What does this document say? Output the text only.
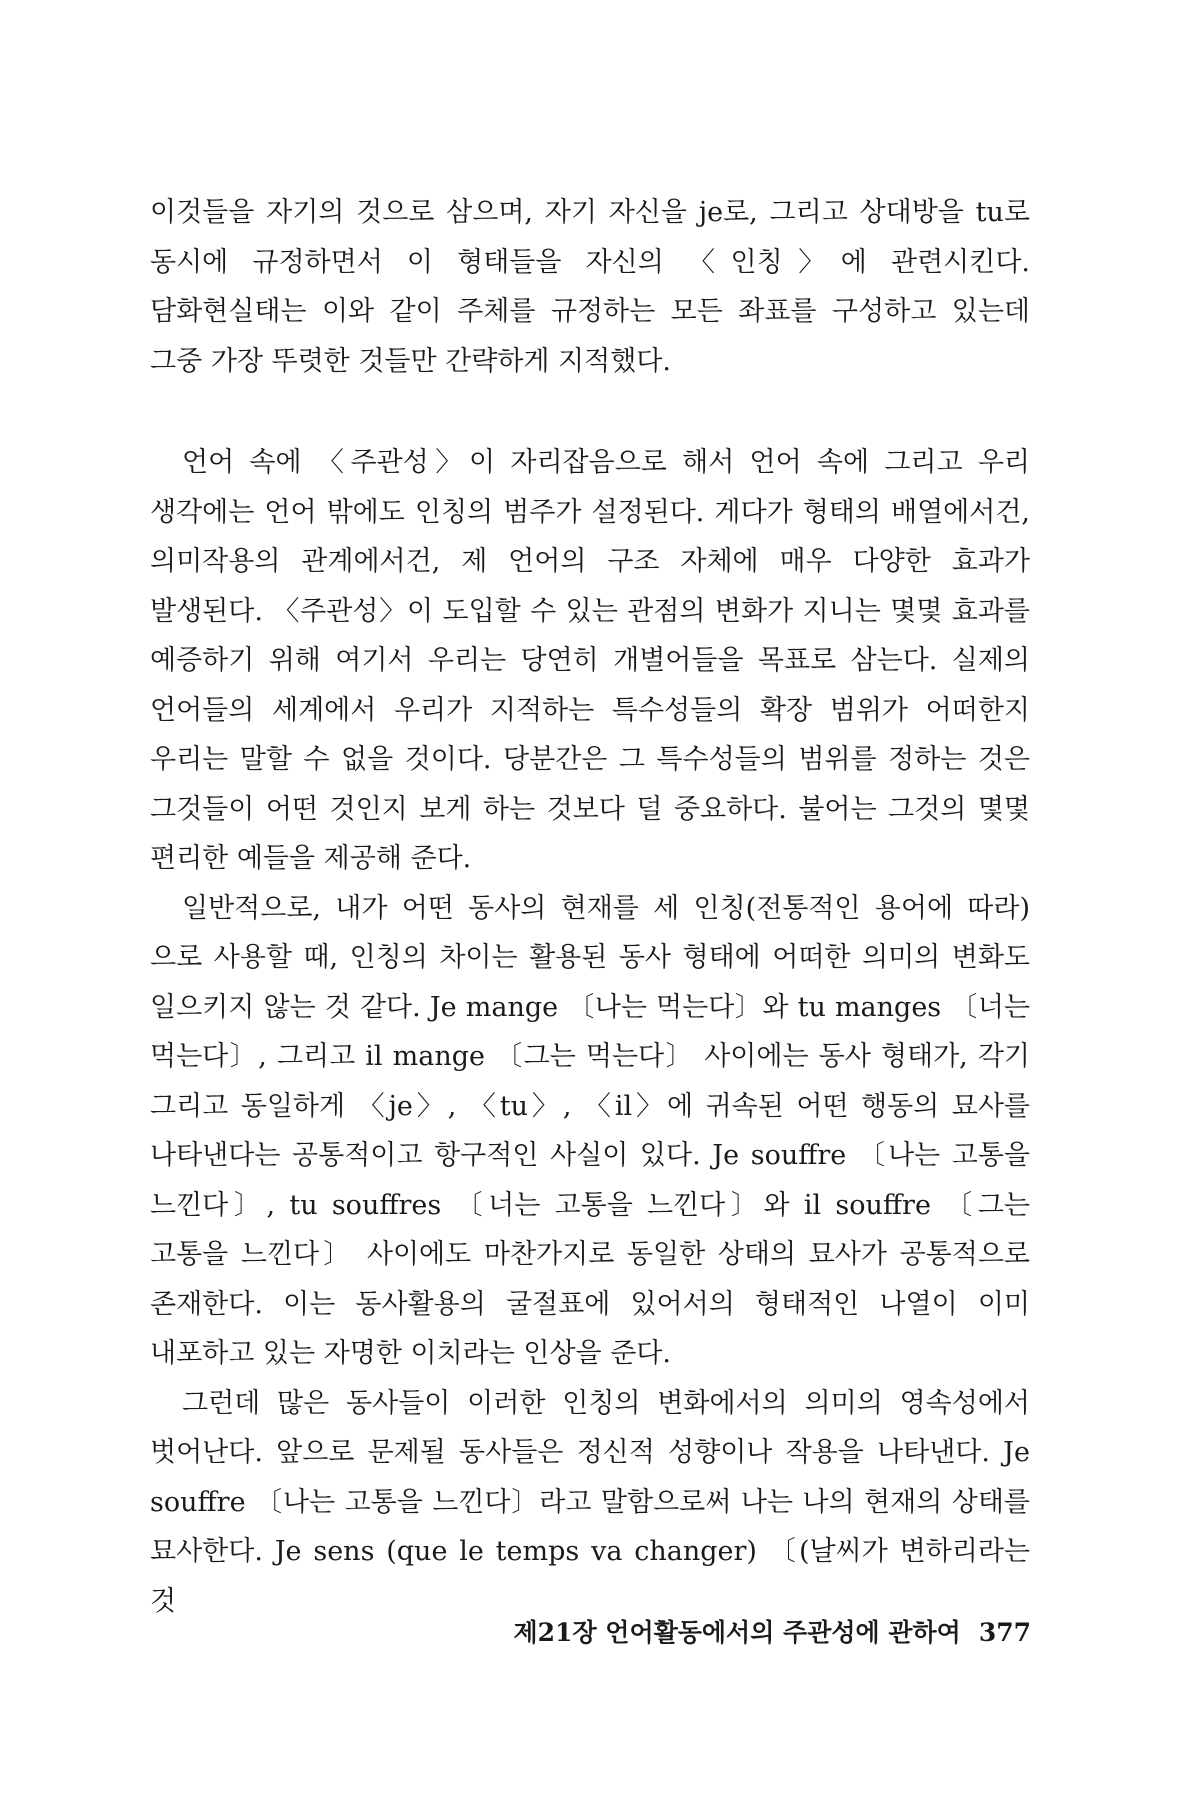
이것들을 자기의 것으로 삼으며, 자기 자신을 je로, 그리고 상대방을 tu로 동시에 규정하면서 이 형태들을 자신의 〈인칭〉에 관련시킨다. 담화현실태는 이와 같이 주체를 규정하는 모든 좌표를 구성하고 있는데 그중 가장 뚜렷한 것들만 간략하게 지적했다.

언어 속에 〈주관성〉이 자리잡음으로 해서 언어 속에 그리고 우리 생각에는 언어 밖에도 인칭의 범주가 설정된다. 게다가 형태의 배열에서건, 의미작용의 관계에서건, 제 언어의 구조 자체에 매우 다양한 효과가 발생된다. 〈주관성〉이 도입할 수 있는 관점의 변화가 지니는 몇몇 효과를 예증하기 위해 여기서 우리는 당연히 개별어들을 목표로 삼는다. 실제의 언어들의 세계에서 우리가 지적하는 특수성들의 확장 범위가 어떠한지 우리는 말할 수 없을 것이다. 당분간은 그 특수성들의 범위를 정하는 것은 그것들이 어떤 것인지 보게 하는 것보다 덜 중요하다. 불어는 그것의 몇몇 편리한 예들을 제공해 준다.

일반적으로, 내가 어떤 동사의 현재를 세 인칭(전통적인 용어에 따라)으로 사용할 때, 인칭의 차이는 활용된 동사 형태에 어떠한 의미의 변화도 일으키지 않는 것 같다. Je mange 〔나는 먹는다〕와 tu manges 〔너는 먹는다〕, 그리고 il mange 〔그는 먹는다〕 사이에는 동사 형태가, 각기 그리고 동일하게 〈je〉, 〈tu〉, 〈il〉에 귀속된 어떤 행동의 묘사를 나타낸다는 공통적이고 항구적인 사실이 있다. Je souffre 〔나는 고통을 느낀다〕, tu souffres 〔너는 고통을 느낀다〕와 il souffre 〔그는 고통을 느낀다〕 사이에도 마찬가지로 동일한 상태의 묘사가 공통적으로 존재한다. 이는 동사활용의 굴절표에 있어서의 형태적인 나열이 이미 내포하고 있는 자명한 이치라는 인상을 준다.

그런데 많은 동사들이 이러한 인칭의 변화에서의 의미의 영속성에서 벗어난다. 앞으로 문제될 동사들은 정신적 성향이나 작용을 나타낸다. Je souffre 〔나는 고통을 느낀다〕라고 말함으로써 나는 나의 현재의 상태를 묘사한다. Je sens (que le temps va changer) 〔(날씨가 변하리라는 것

제21장 언어활동에서의 주관성에 관하여 377
